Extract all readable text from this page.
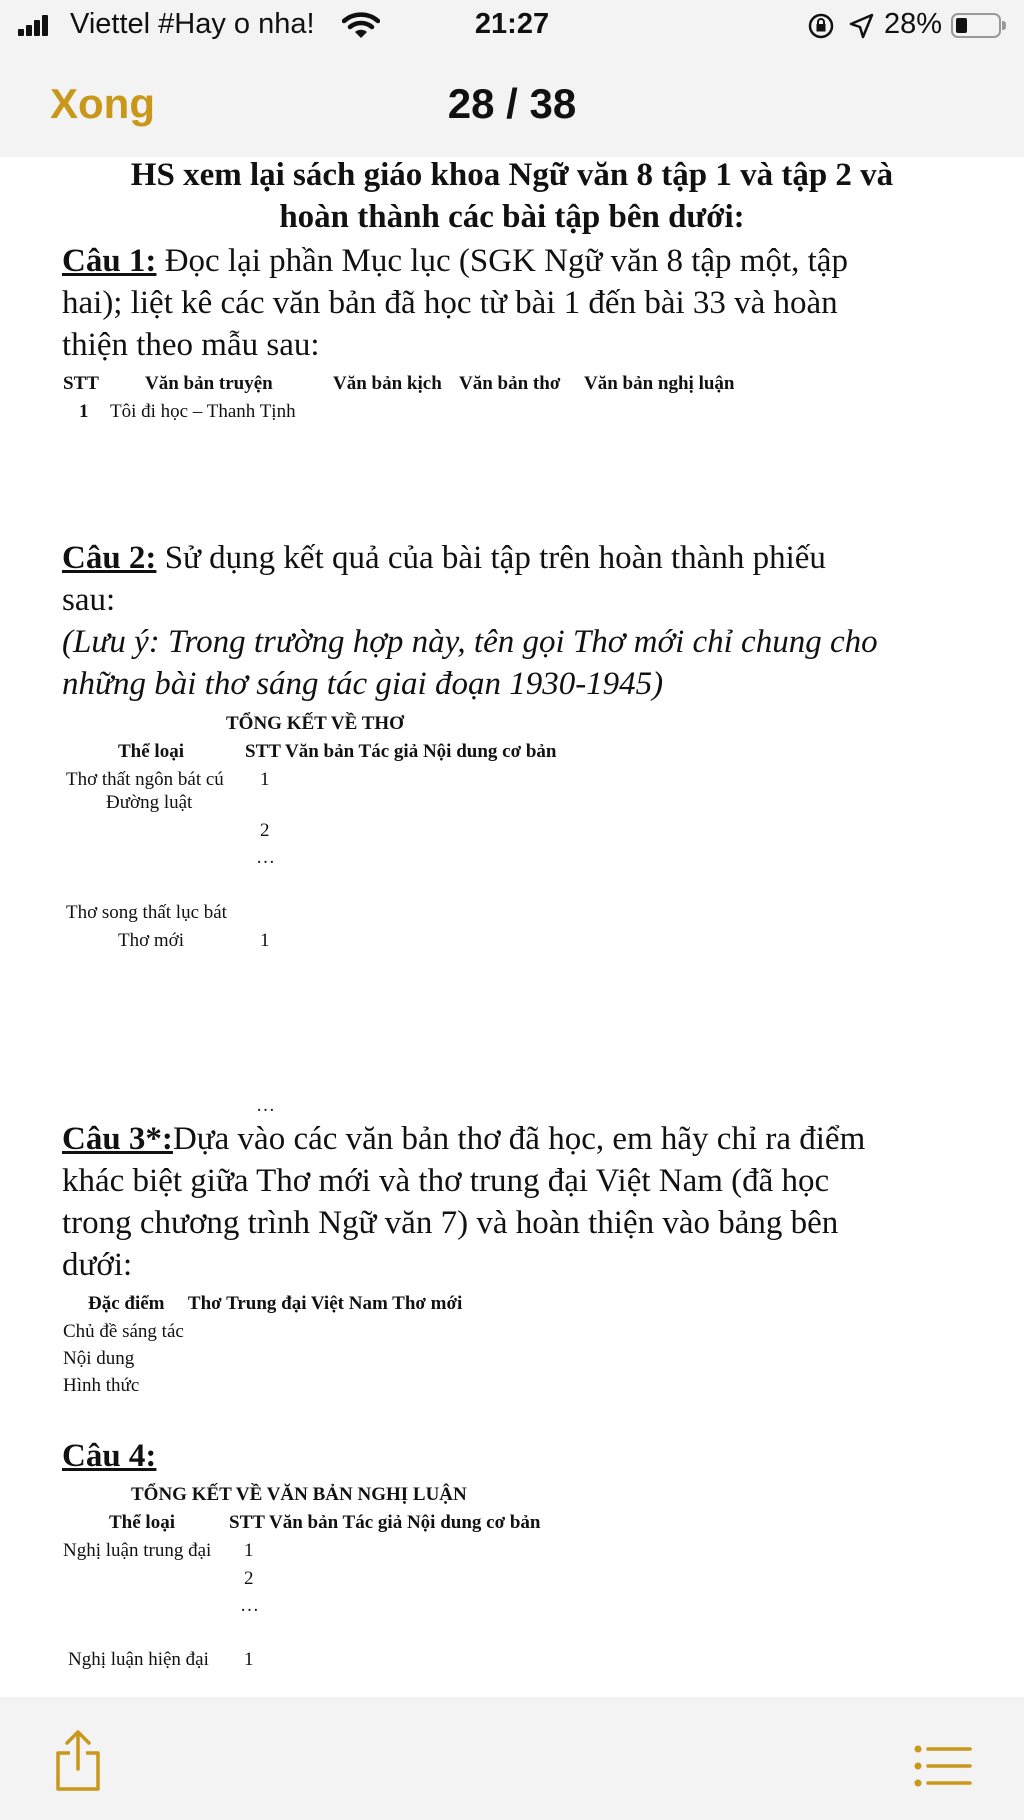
Viettel #Hay o nha!	21:27	28%
Xong	28 / 38
HS xem lại sách giáo khoa Ngữ văn 8 tập 1 và tập 2 và
hoàn thành các bài tập bên dưới:
Câu 1: Đọc lại phần Mục lục (SGK Ngữ văn 8 tập một, tập
hai); liệt kê các văn bản đã học từ bài 1 đến bài 33 và hoàn
thiện theo mẫu sau:
STT Văn bản truyện	Văn bản kịch Văn bản thơ Văn bản nghị luận
1 Tôi đi học – Thanh Tịnh
Câu 2: Sử dụng kết quả của bài tập trên hoàn thành phiếu
sau:
(Lưu ý: Trong trường hợp này, tên gọi Thơ mới chỉ chung cho
những bài thơ sáng tác giai đoạn 1930-1945)
TỔNG KẾT VỀ THƠ
Thể loại	STT Văn bản Tác giả Nội dung cơ bản
Thơ thất ngôn bát cú 1
Đường luật
2
…
Thơ song thất lục bát
Thơ mới	1
…
Câu 3*:Dựa vào các văn bản thơ đã học, em hãy chỉ ra điểm
khác biệt giữa Thơ mới và thơ trung đại Việt Nam (đã học
trong chương trình Ngữ văn 7) và hoàn thiện vào bảng bên
dưới:
Đặc điểm     Thơ Trung đại Việt Nam Thơ mới
Chủ đề sáng tác
Nội dung
Hình thức
Câu 4:
TỔNG KẾT VỀ VĂN BẢN NGHỊ LUẬN
Thể loại	STT Văn bản Tác giả Nội dung cơ bản
Nghị luận trung đại 1
2
…
Nghị luận hiện đại 1
